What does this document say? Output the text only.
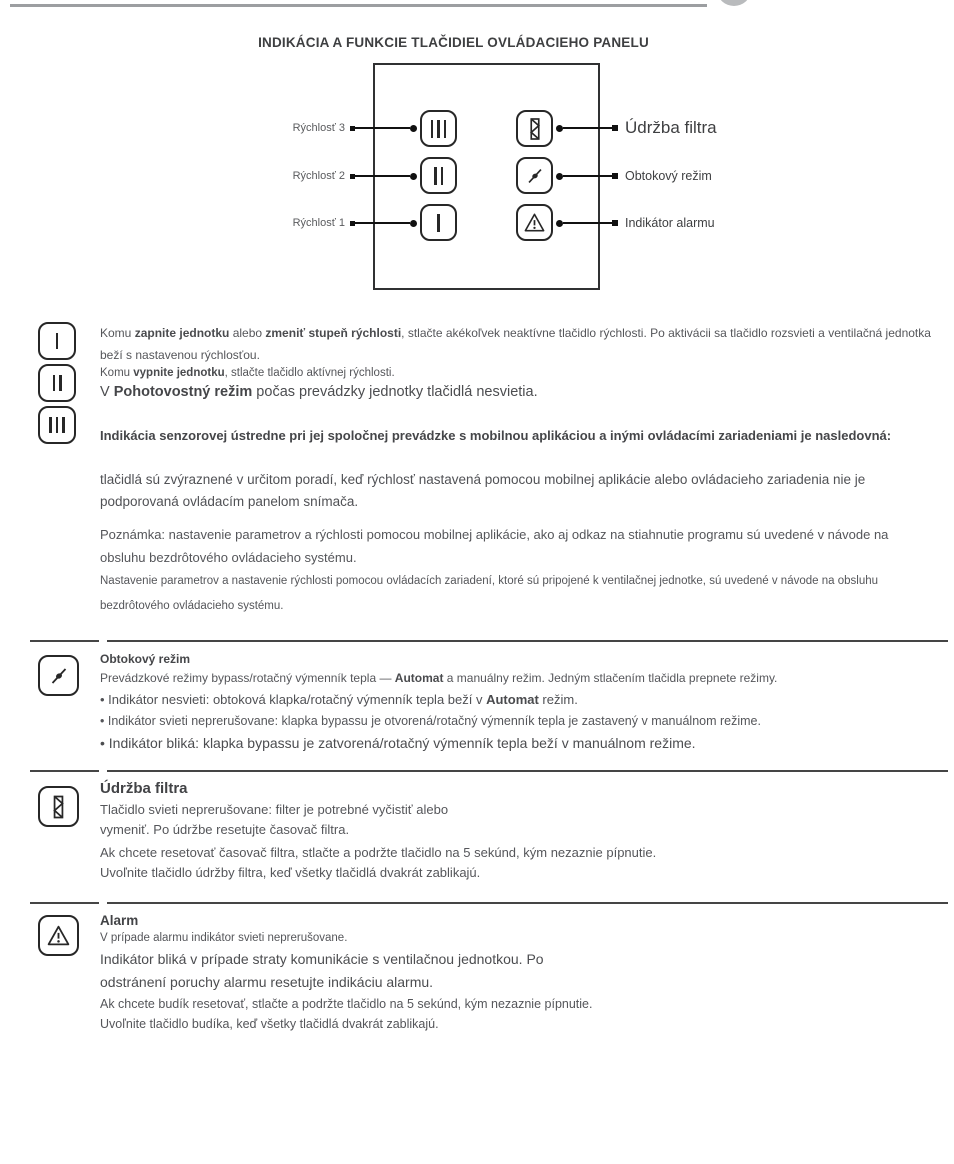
INDIKÁCIA A FUNKCIE TLAČIDIEL OVLÁDACIEHO PANELU
Rýchlosť 3
Rýchlosť 2
Rýchlosť 1
Údržba filtra
Obtokový režim
Indikátor alarmu

Komu zapnite jednotku alebo zmeniť stupeň rýchlosti, stlačte akékoľvek neaktívne tlačidlo rýchlosti. Po aktivácii sa tlačidlo rozsvieti a ventilačná jednotka beží s nastavenou rýchlosťou.

Komu vypnite jednotku, stlačte tlačidlo aktívnej rýchlosti.

V Pohotovostný režim počas prevádzky jednotky tlačidlá nesvietia.

Indikácia senzorovej ústredne pri jej spoločnej prevádzke s mobilnou aplikáciou a inými ovládacími zariadeniami je nasledovná:

tlačidlá sú zvýraznené v určitom poradí, keď rýchlosť nastavená pomocou mobilnej aplikácie alebo ovládacieho zariadenia nie je podporovaná ovládacím panelom snímača.

Poznámka: nastavenie parametrov a rýchlosti pomocou mobilnej aplikácie, ako aj odkaz na stiahnutie programu sú uvedené v návode na obsluhu bezdrôtového ovládacieho systému.

Nastavenie parametrov a nastavenie rýchlosti pomocou ovládacích zariadení, ktoré sú pripojené k ventilačnej jednotke, sú uvedené v návode na obsluhu bezdrôtového ovládacieho systému.

Obtokový režim

Prevádzkové režimy bypass/rotačný výmenník tepla — Automat a manuálny režim. Jedným stlačením tlačidla prepnete režimy.

• Indikátor nesvieti: obtoková klapka/rotačný výmenník tepla beží v Automat režim.

• Indikátor svieti neprerušovane: klapka bypassu je otvorená/rotačný výmenník tepla je zastavený v manuálnom režime.

• Indikátor bliká: klapka bypassu je zatvorená/rotačný výmenník tepla beží v manuálnom režime.

Údržba filtra

Tlačidlo svieti neprerušovane: filter je potrebné vyčistiť alebo

vymeniť. Po údržbe resetujte časovač filtra.

Ak chcete resetovať časovač filtra, stlačte a podržte tlačidlo na 5 sekúnd, kým nezaznie pípnutie.

Uvoľnite tlačidlo údržby filtra, keď všetky tlačidlá dvakrát zablikajú.

Alarm

V prípade alarmu indikátor svieti neprerušovane.

Indikátor bliká v prípade straty komunikácie s ventilačnou jednotkou. Po

odstránení poruchy alarmu resetujte indikáciu alarmu.

Ak chcete budík resetovať, stlačte a podržte tlačidlo na 5 sekúnd, kým nezaznie pípnutie.

Uvoľnite tlačidlo budíka, keď všetky tlačidlá dvakrát zablikajú.
